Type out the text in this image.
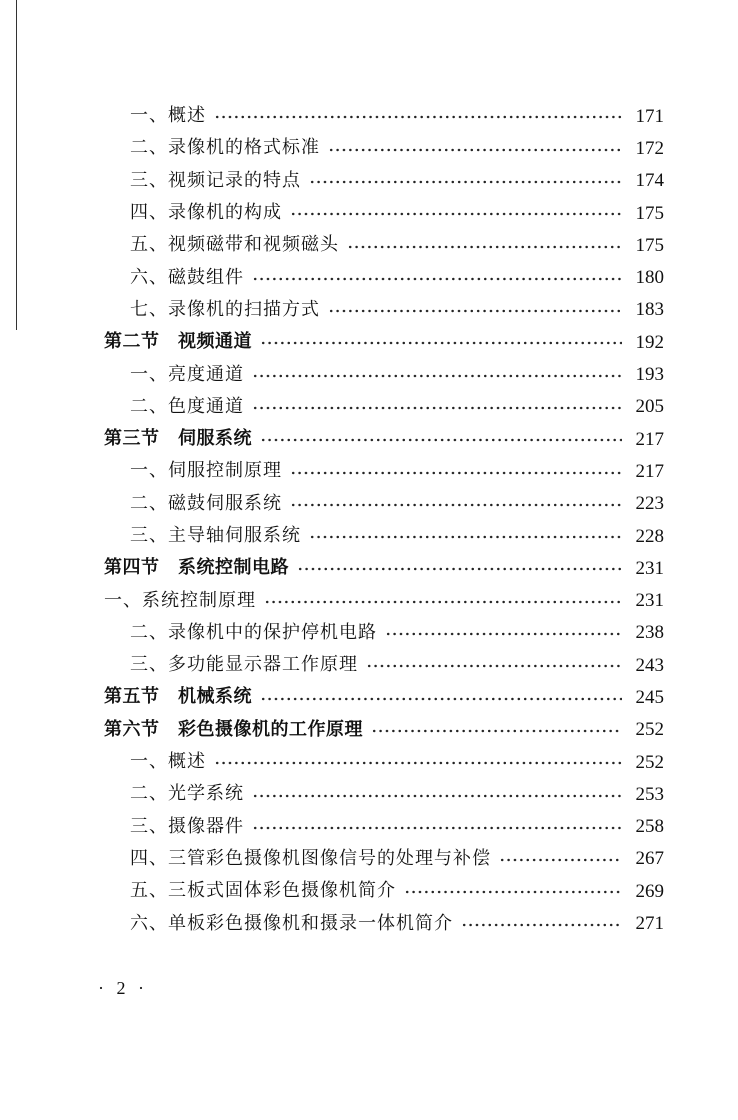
一、概述	171
二、录像机的格式标准	172
三、视频记录的特点	174
四、录像机的构成	175
五、视频磁带和视频磁头	175
六、磁鼓组件	180
七、录像机的扫描方式	183
第二节　视频通道	192
一、亮度通道	193
二、色度通道	205
第三节　伺服系统	217
一、伺服控制原理	217
二、磁鼓伺服系统	223
三、主导轴伺服系统	228
第四节　系统控制电路	231
一、系统控制原理	231
二、录像机中的保护停机电路	238
三、多功能显示器工作原理	243
第五节　机械系统	245
第六节　彩色摄像机的工作原理	252
一、概述	252
二、光学系统	253
三、摄像器件	258
四、三管彩色摄像机图像信号的处理与补偿	267
五、三板式固体彩色摄像机简介	269
六、单板彩色摄像机和摄录一体机简介	271
· 2 ·
